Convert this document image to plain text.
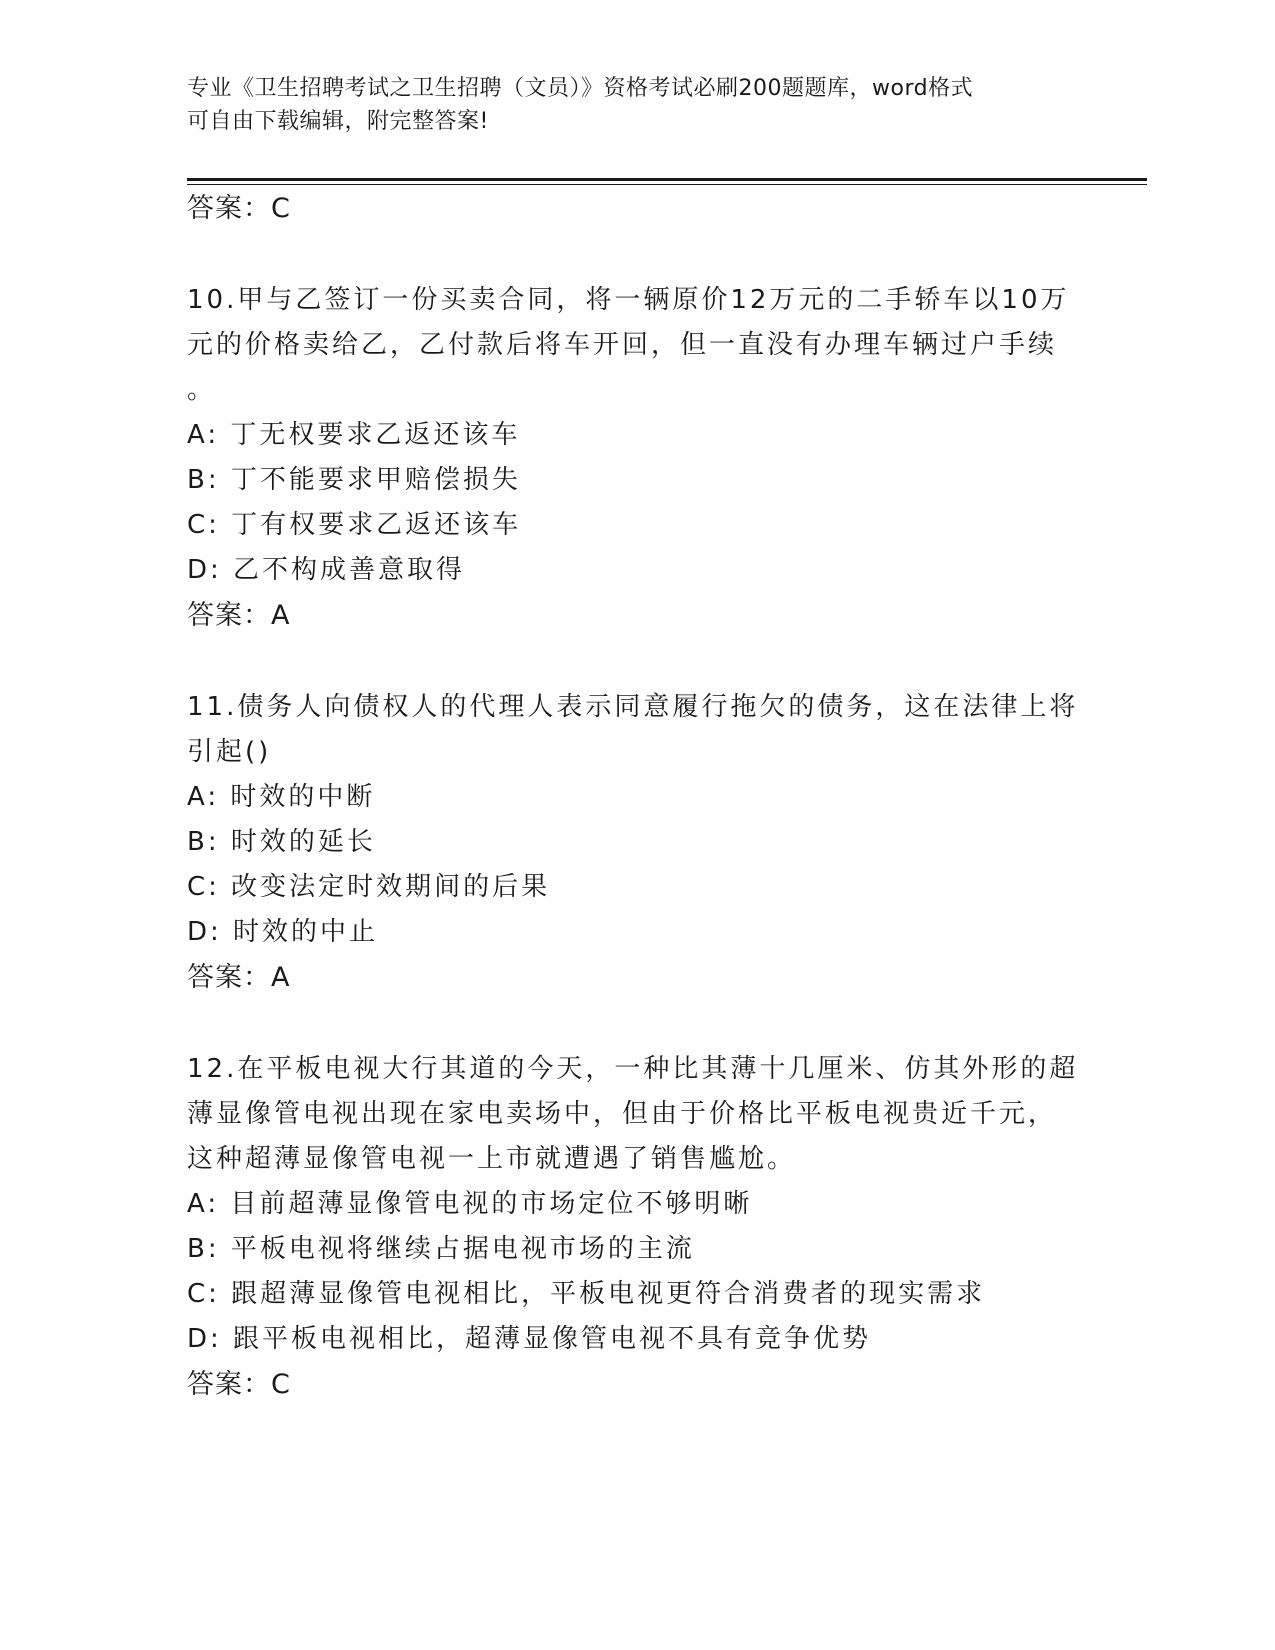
专业《卫生招聘考试之卫生招聘（文员）》资格考试必刷200题题库，word格式
可自由下载编辑，附完整答案!

答案：C

10.甲与乙签订一份买卖合同，将一辆原价12万元的二手轿车以10万
元的价格卖给乙，乙付款后将车开回，但一直没有办理车辆过户手续
。

A: 丁无权要求乙返还该车

B: 丁不能要求甲赔偿损失

C: 丁有权要求乙返还该车

D: 乙不构成善意取得

答案：A

11.债务人向债权人的代理人表示同意履行拖欠的债务，这在法律上将
引起()

A: 时效的中断

B: 时效的延长

C: 改变法定时效期间的后果

D: 时效的中止

答案：A

12.在平板电视大行其道的今天，一种比其薄十几厘米、仿其外形的超
薄显像管电视出现在家电卖场中，但由于价格比平板电视贵近千元，
这种超薄显像管电视一上市就遭遇了销售尴尬。

A: 目前超薄显像管电视的市场定位不够明晰

B: 平板电视将继续占据电视市场的主流

C: 跟超薄显像管电视相比，平板电视更符合消费者的现实需求

D: 跟平板电视相比，超薄显像管电视不具有竞争优势

答案：C
